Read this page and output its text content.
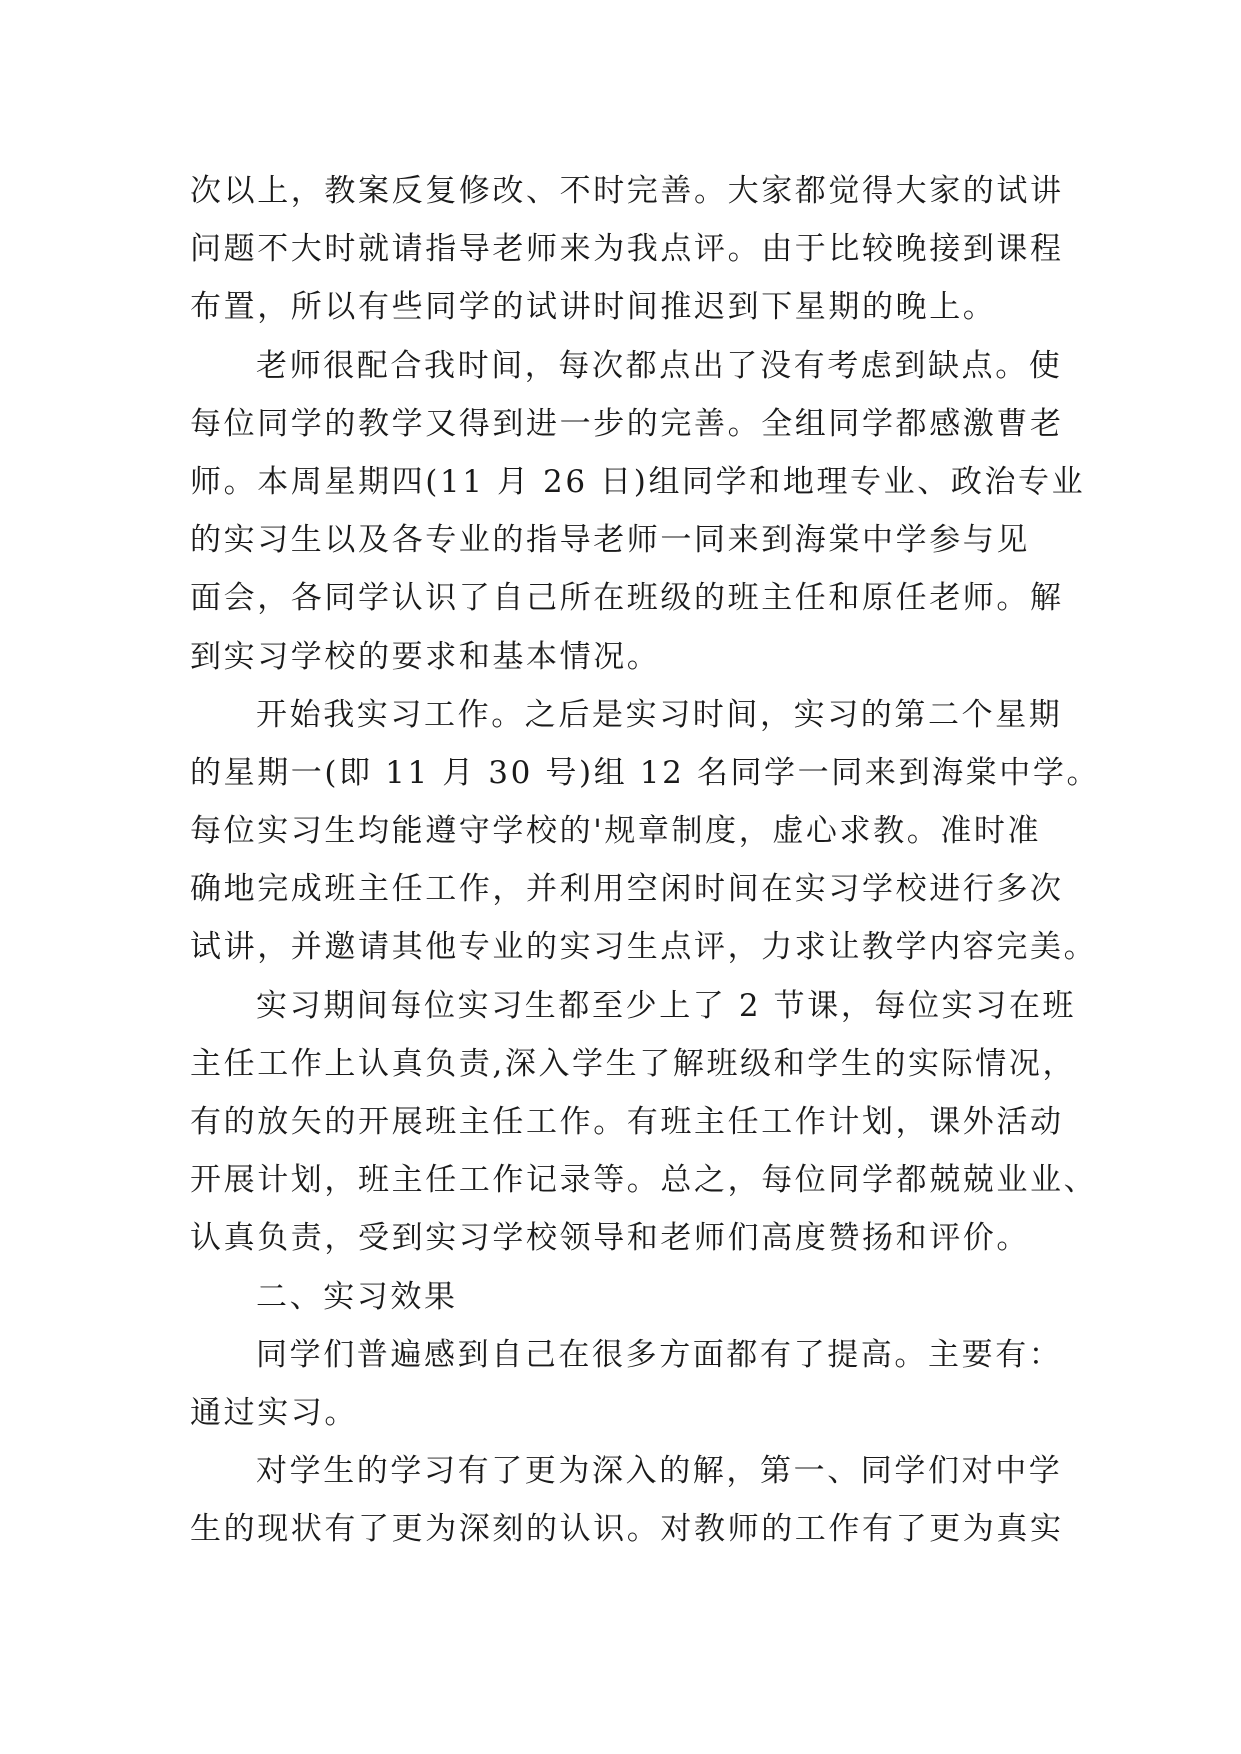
次以上，教案反复修改、不时完善。大家都觉得大家的试讲
问题不大时就请指导老师来为我点评。由于比较晚接到课程
布置，所以有些同学的试讲时间推迟到下星期的晚上。
老师很配合我时间，每次都点出了没有考虑到缺点。使
每位同学的教学又得到进一步的完善。全组同学都感激曹老
师。本周星期四(11 月 26 日)组同学和地理专业、政治专业
的实习生以及各专业的指导老师一同来到海棠中学参与见
面会，各同学认识了自己所在班级的班主任和原任老师。解
到实习学校的要求和基本情况。
开始我实习工作。之后是实习时间，实习的第二个星期
的星期一(即 11 月 30 号)组 12 名同学一同来到海棠中学。
每位实习生均能遵守学校的'规章制度，虚心求教。准时准
确地完成班主任工作，并利用空闲时间在实习学校进行多次
试讲，并邀请其他专业的实习生点评，力求让教学内容完美。
实习期间每位实习生都至少上了 2 节课，每位实习在班
主任工作上认真负责,深入学生了解班级和学生的实际情况，
有的放矢的开展班主任工作。有班主任工作计划，课外活动
开展计划，班主任工作记录等。总之，每位同学都兢兢业业、
认真负责，受到实习学校领导和老师们高度赞扬和评价。
二、实习效果
同学们普遍感到自己在很多方面都有了提高。主要有：
通过实习。
对学生的学习有了更为深入的解，第一、同学们对中学
生的现状有了更为深刻的认识。对教师的工作有了更为真实
